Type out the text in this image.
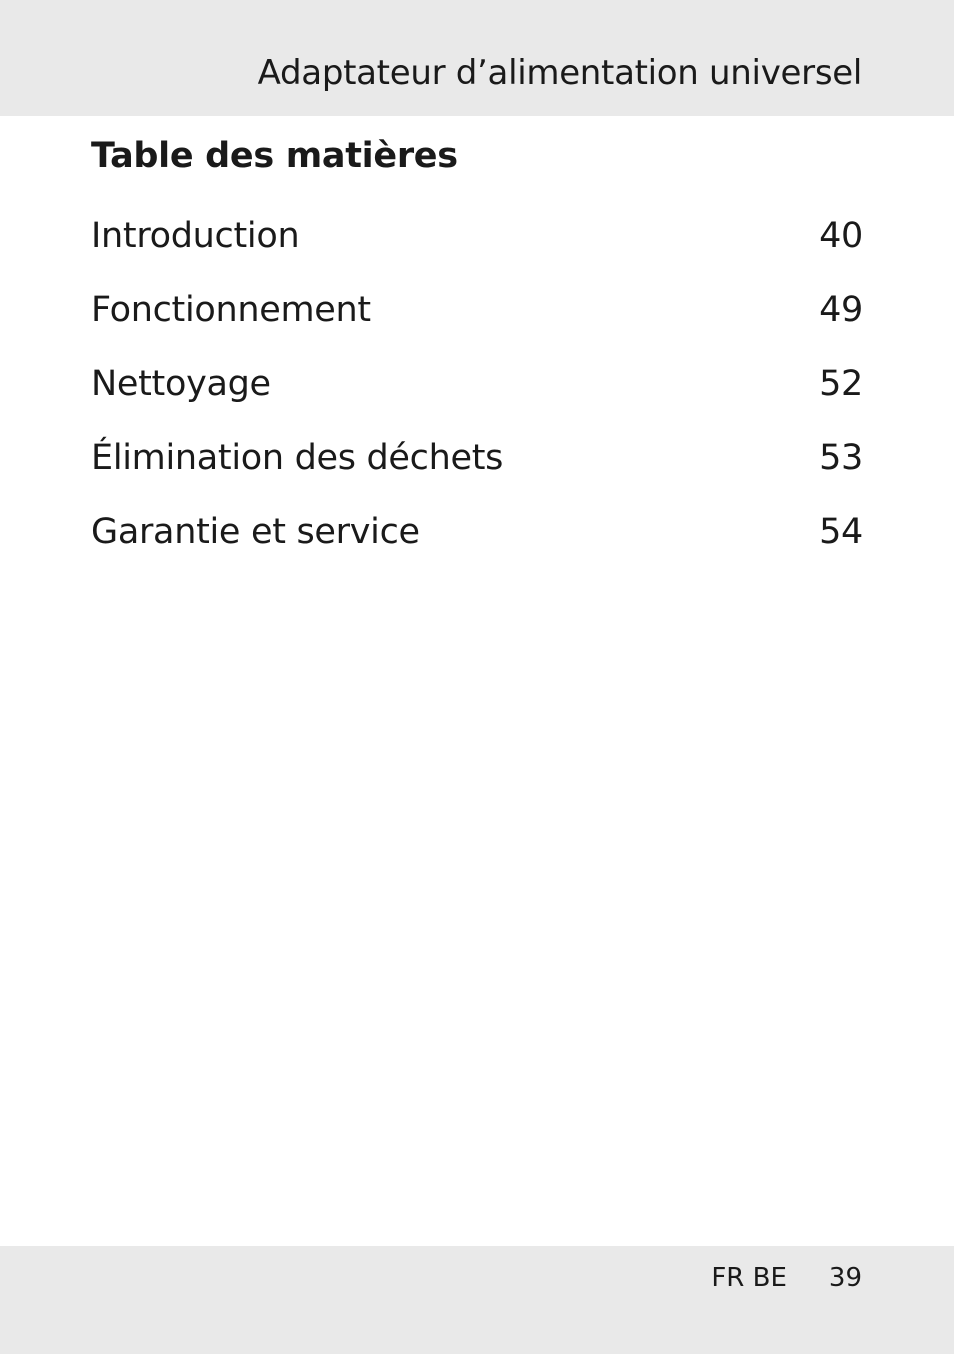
Adaptateur d’alimentation universel
Table des matières
Introduction	40
Fonctionnement	49
Nettoyage	52
Élimination des déchets	53
Garantie et service	54
FR BE 39
